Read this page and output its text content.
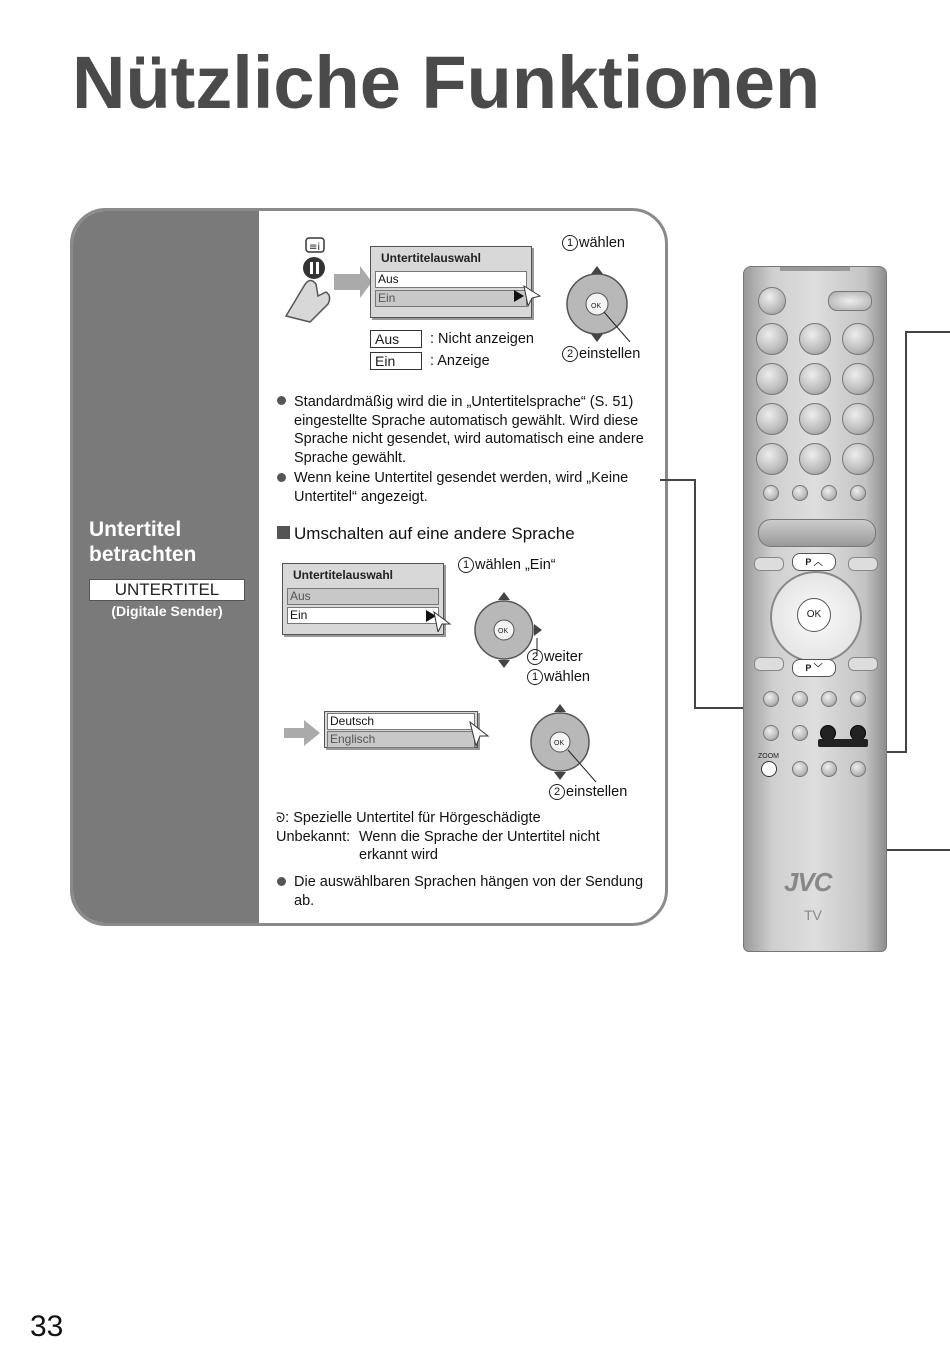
Nützliche Funktionen
Untertitel
betrachten
UNTERTITEL
(Digitale Sender)
≡i
Untertitelauswahl
Aus
Ein
Aus	: Nicht anzeigen
Ein	: Anzeige
OK
1 wählen
2 einstellen
Standardmäßig wird die in „Untertitelsprache“ (S. 51) eingestellte Sprache automatisch gewählt. Wird diese Sprache nicht gesendet, wird automatisch eine andere Sprache gewählt.
Wenn keine Untertitel gesendet werden, wird „Keine Untertitel“ angezeigt.
Umschalten auf eine andere Sprache
Untertitelauswahl
Aus
Ein
OK
1 wählen „Ein“
2 weiter
1 wählen
Deutsch
Englisch	OK
2 einstellen
ᘐ: Spezielle Untertitel für Hörgeschädigte
Unbekannt: Wenn die Sprache der Untertitel nicht
erkannt wird
Die auswählbaren Sprachen hängen von der Sendung ab.
P ︿
OK
P ﹀
ZOOM
JVC
TV
33
